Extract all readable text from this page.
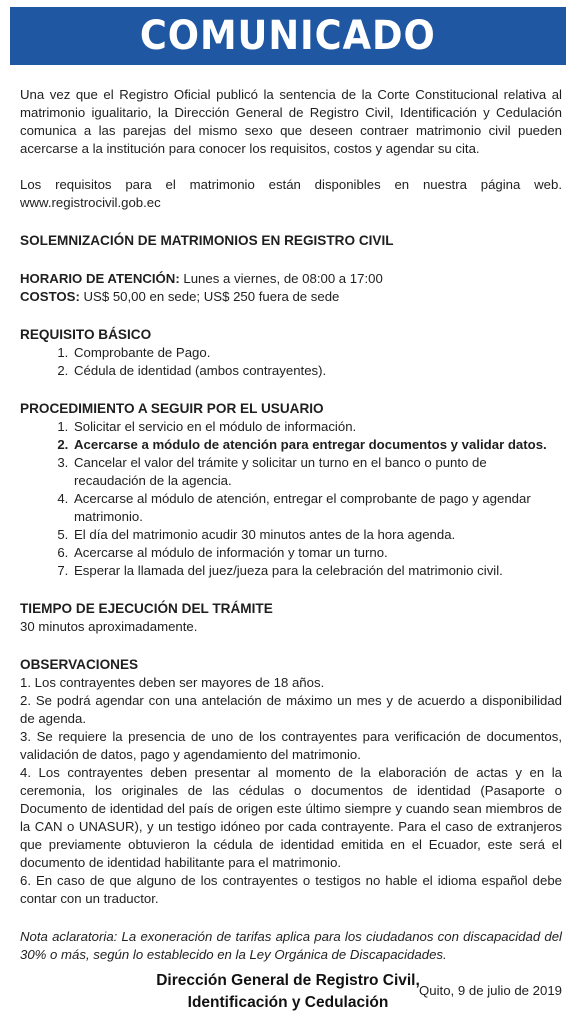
COMUNICADO

Una vez que el Registro Oficial publicó la sentencia de la Corte Constitucional relativa al matrimonio igualitario, la Dirección General de Registro Civil, Identificación y Cedulación comunica a las parejas del mismo sexo que deseen contraer matrimonio civil pueden acercarse a la institución para conocer los requisitos, costos y agendar su cita.

Los requisitos para el matrimonio están disponibles en nuestra página web. www.registrocivil.gob.ec

SOLEMNIZACIÓN DE MATRIMONIOS EN REGISTRO CIVIL
HORARIO DE ATENCIÓN: Lunes a viernes, de 08:00 a 17:00
COSTOS: US$ 50,00 en sede; US$ 250 fuera de sede
REQUISITO BÁSICO
1. Comprobante de Pago.
2. Cédula de identidad (ambos contrayentes).
PROCEDIMIENTO A SEGUIR POR EL USUARIO
1. Solicitar el servicio en el módulo de información.
2. Acercarse a módulo de atención para entregar documentos y validar datos.
3. Cancelar el valor del trámite y solicitar un turno en el banco o punto de recaudación de la agencia.
4. Acercarse al módulo de atención, entregar el comprobante de pago y agendar matrimonio.
5. El día del matrimonio acudir 30 minutos antes de la hora agenda.
6. Acercarse al módulo de información y tomar un turno.
7. Esperar la llamada del juez/jueza para la celebración del matrimonio civil.
TIEMPO DE EJECUCIÓN DEL TRÁMITE
30 minutos aproximadamente.
OBSERVACIONES

1. Los contrayentes deben ser mayores de 18 años.

2. Se podrá agendar con una antelación de máximo un mes y de acuerdo a disponibilidad de agenda.

3. Se requiere la presencia de uno de los contrayentes para verificación de documentos, validación de datos, pago y agendamiento del matrimonio.

4. Los contrayentes deben presentar al momento de la elaboración de actas y en la ceremonia, los originales de las cédulas o documentos de identidad (Pasaporte o Documento de identidad del país de origen este último siempre y cuando sean miembros de la CAN o UNASUR), y un testigo idóneo por cada contrayente. Para el caso de extranjeros que previamente obtuvieron la cédula de identidad emitida en el Ecuador, este será el documento de identidad habilitante para el matrimonio.

6. En caso de que alguno de los contrayentes o testigos no hable el idioma español debe contar con un traductor.

Nota aclaratoria: La exoneración de tarifas aplica para los ciudadanos con discapacidad del 30% o más, según lo establecido en la Ley Orgánica de Discapacidades.

Quito, 9 de julio de 2019
Dirección General de Registro Civil,
Identificación y Cedulación
